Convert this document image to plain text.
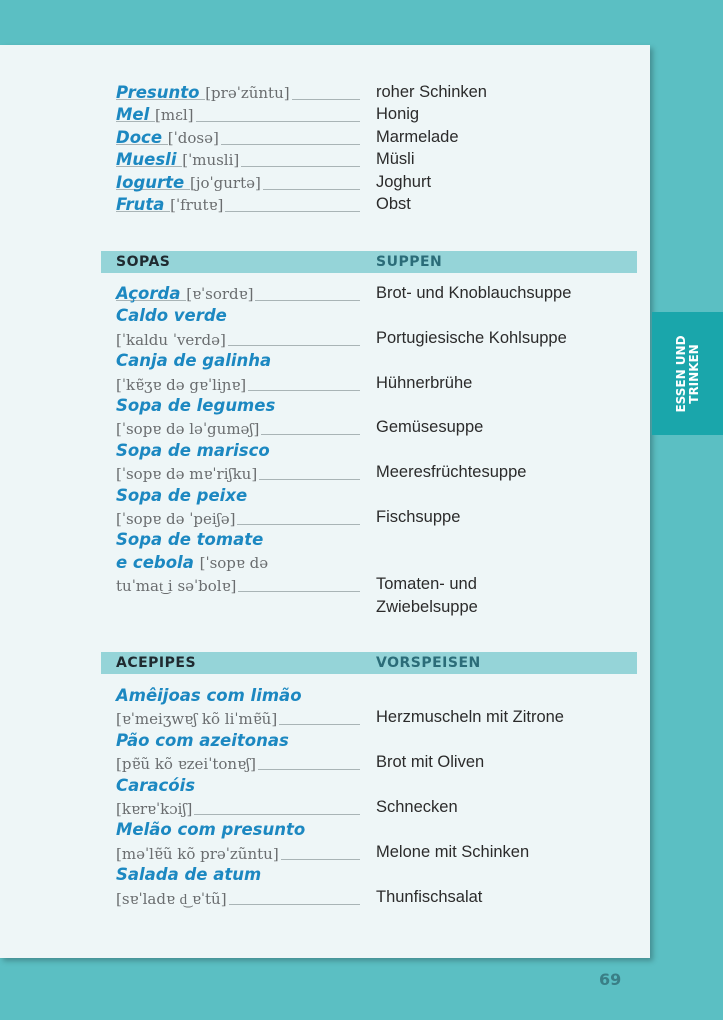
Presunto [prəˈzũntu]	roher Schinken
Mel [mɛl]	Honig
Doce [ˈdosə]	Marmelade
Muesli [ˈmusli]	Müsli
Iogurte [joˈgurtə]	Joghurt
Fruta [ˈfrutɐ]	Obst
SOPAS	SUPPEN
Açorda [ɐˈsordɐ]	Brot- und Knoblauchsuppe
Caldo verde
[ˈkaldu ˈverdə]	Portugiesische Kohlsuppe
Canja de galinha
[ˈkɐ̃ʒɐ də gɐˈliɲɐ]	Hühnerbrühe
Sopa de legumes
[ˈsopɐ də ləˈguməʃ]	Gemüsesuppe
Sopa de marisco
[ˈsopɐ də mɐˈriʃku]	Meeresfrüchtesuppe
Sopa de peixe
[ˈsopɐ də ˈpeiʃə]	Fischsuppe
Sopa de tomate
e cebola [ˈsopɐ də
tuˈmat͜ i səˈbolɐ]	Tomaten- und
Zwiebelsuppe
ACEPIPES	VORSPEISEN
Amêijoas com limão
[ɐˈmeiʒwɐʃ kõ liˈmɐ̃ũ]	Herzmuscheln mit Zitrone
Pão com azeitonas
[pɐ̃ũ kõ ɐzeiˈtonɐʃ]	Brot mit Oliven
Caracóis
[kɐrɐˈkɔiʃ]	Schnecken
Melão com presunto
[məˈlɐ̃ũ kõ prəˈzũntu]	Melone mit Schinken
Salada de atum
[sɐˈladɐ d͜ ɐˈtũ]	Thunfischsalat
ESSEN UND TRINKEN
69
